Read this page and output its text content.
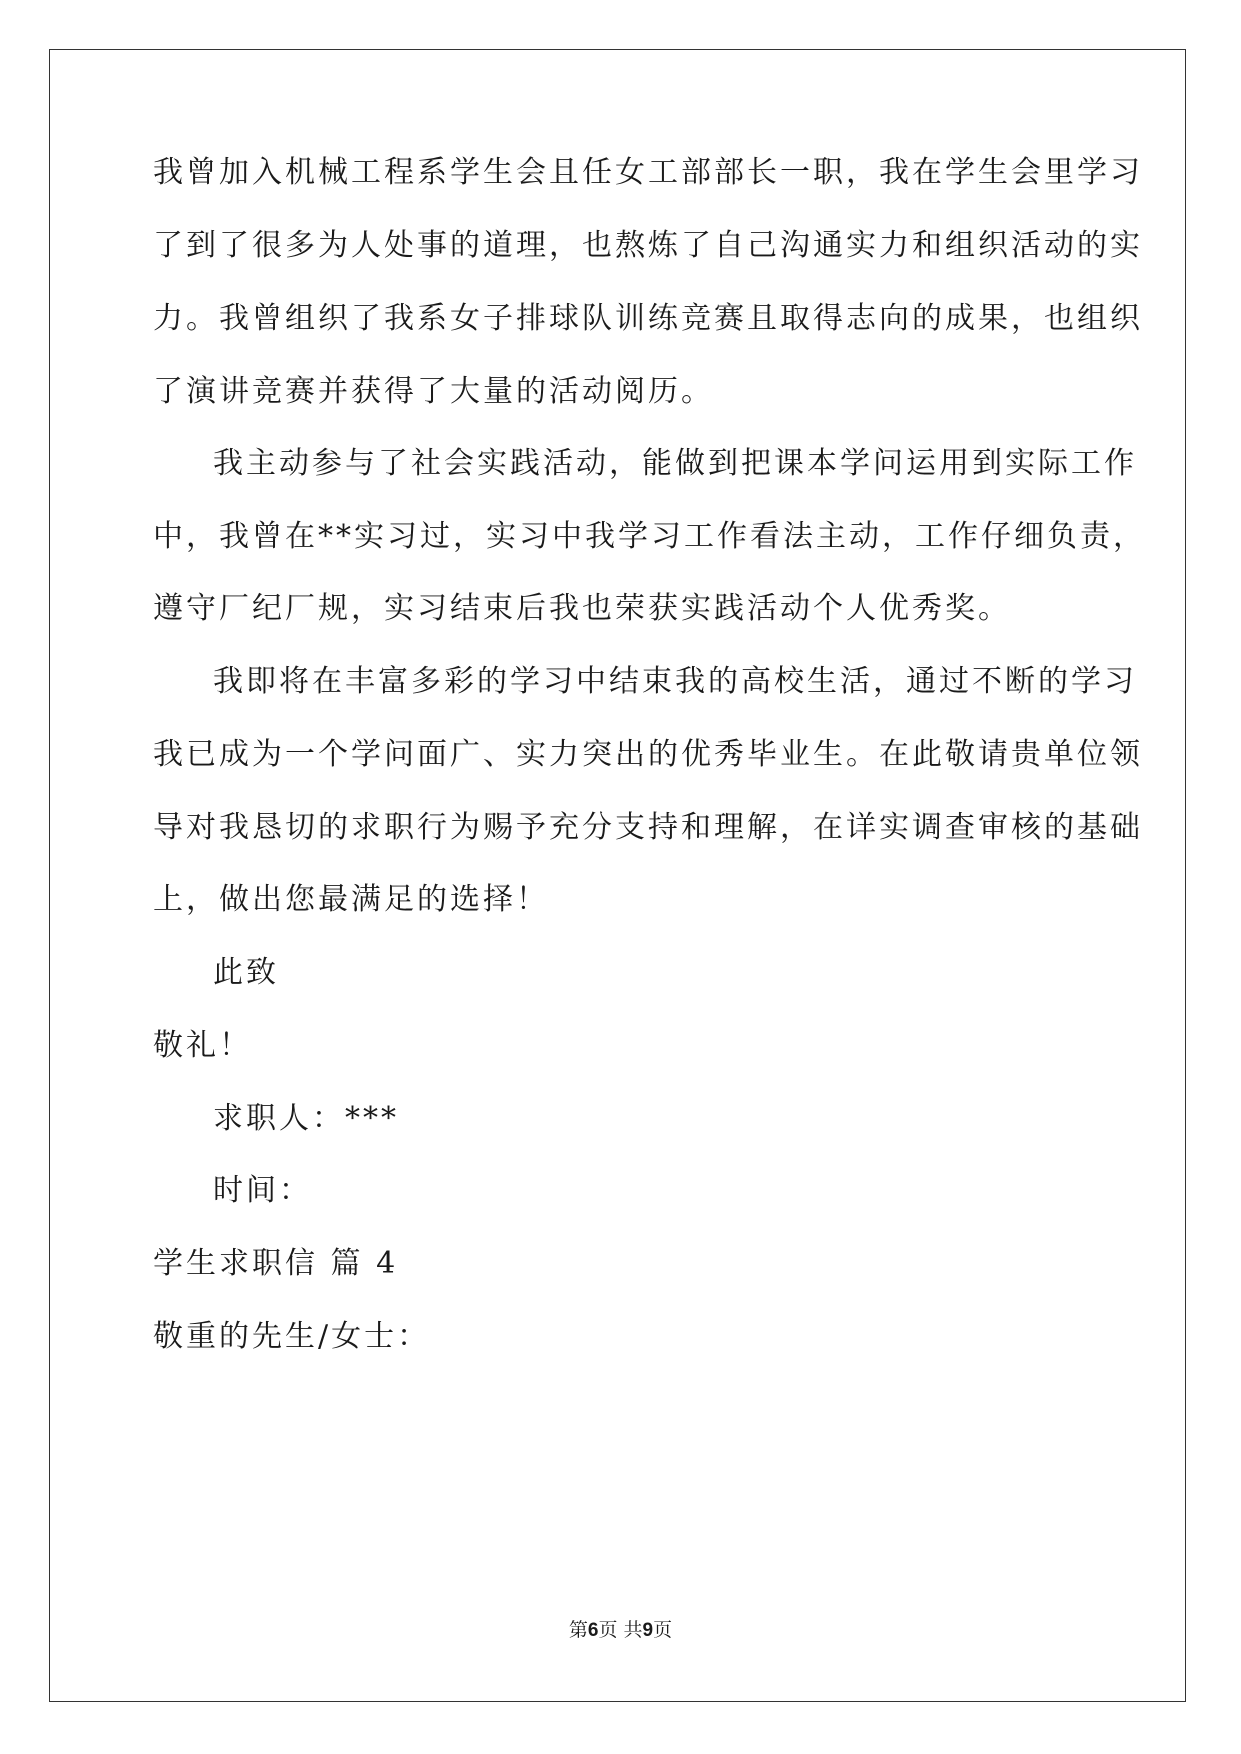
我曾加入机械工程系学生会且任女工部部长一职，我在学生会里学习
了到了很多为人处事的道理，也熬炼了自己沟通实力和组织活动的实
力。我曾组织了我系女子排球队训练竞赛且取得志向的成果，也组织
了演讲竞赛并获得了大量的活动阅历。
我主动参与了社会实践活动，能做到把课本学问运用到实际工作
中，我曾在**实习过，实习中我学习工作看法主动，工作仔细负责，
遵守厂纪厂规，实习结束后我也荣获实践活动个人优秀奖。
我即将在丰富多彩的学习中结束我的高校生活，通过不断的学习
我已成为一个学问面广、实力突出的优秀毕业生。在此敬请贵单位领
导对我恳切的求职行为赐予充分支持和理解，在详实调查审核的基础
上，做出您最满足的选择！
此致
敬礼！
求职人：***
时间：
学生求职信 篇 4
敬重的先生/女士：
第6页 共9页
